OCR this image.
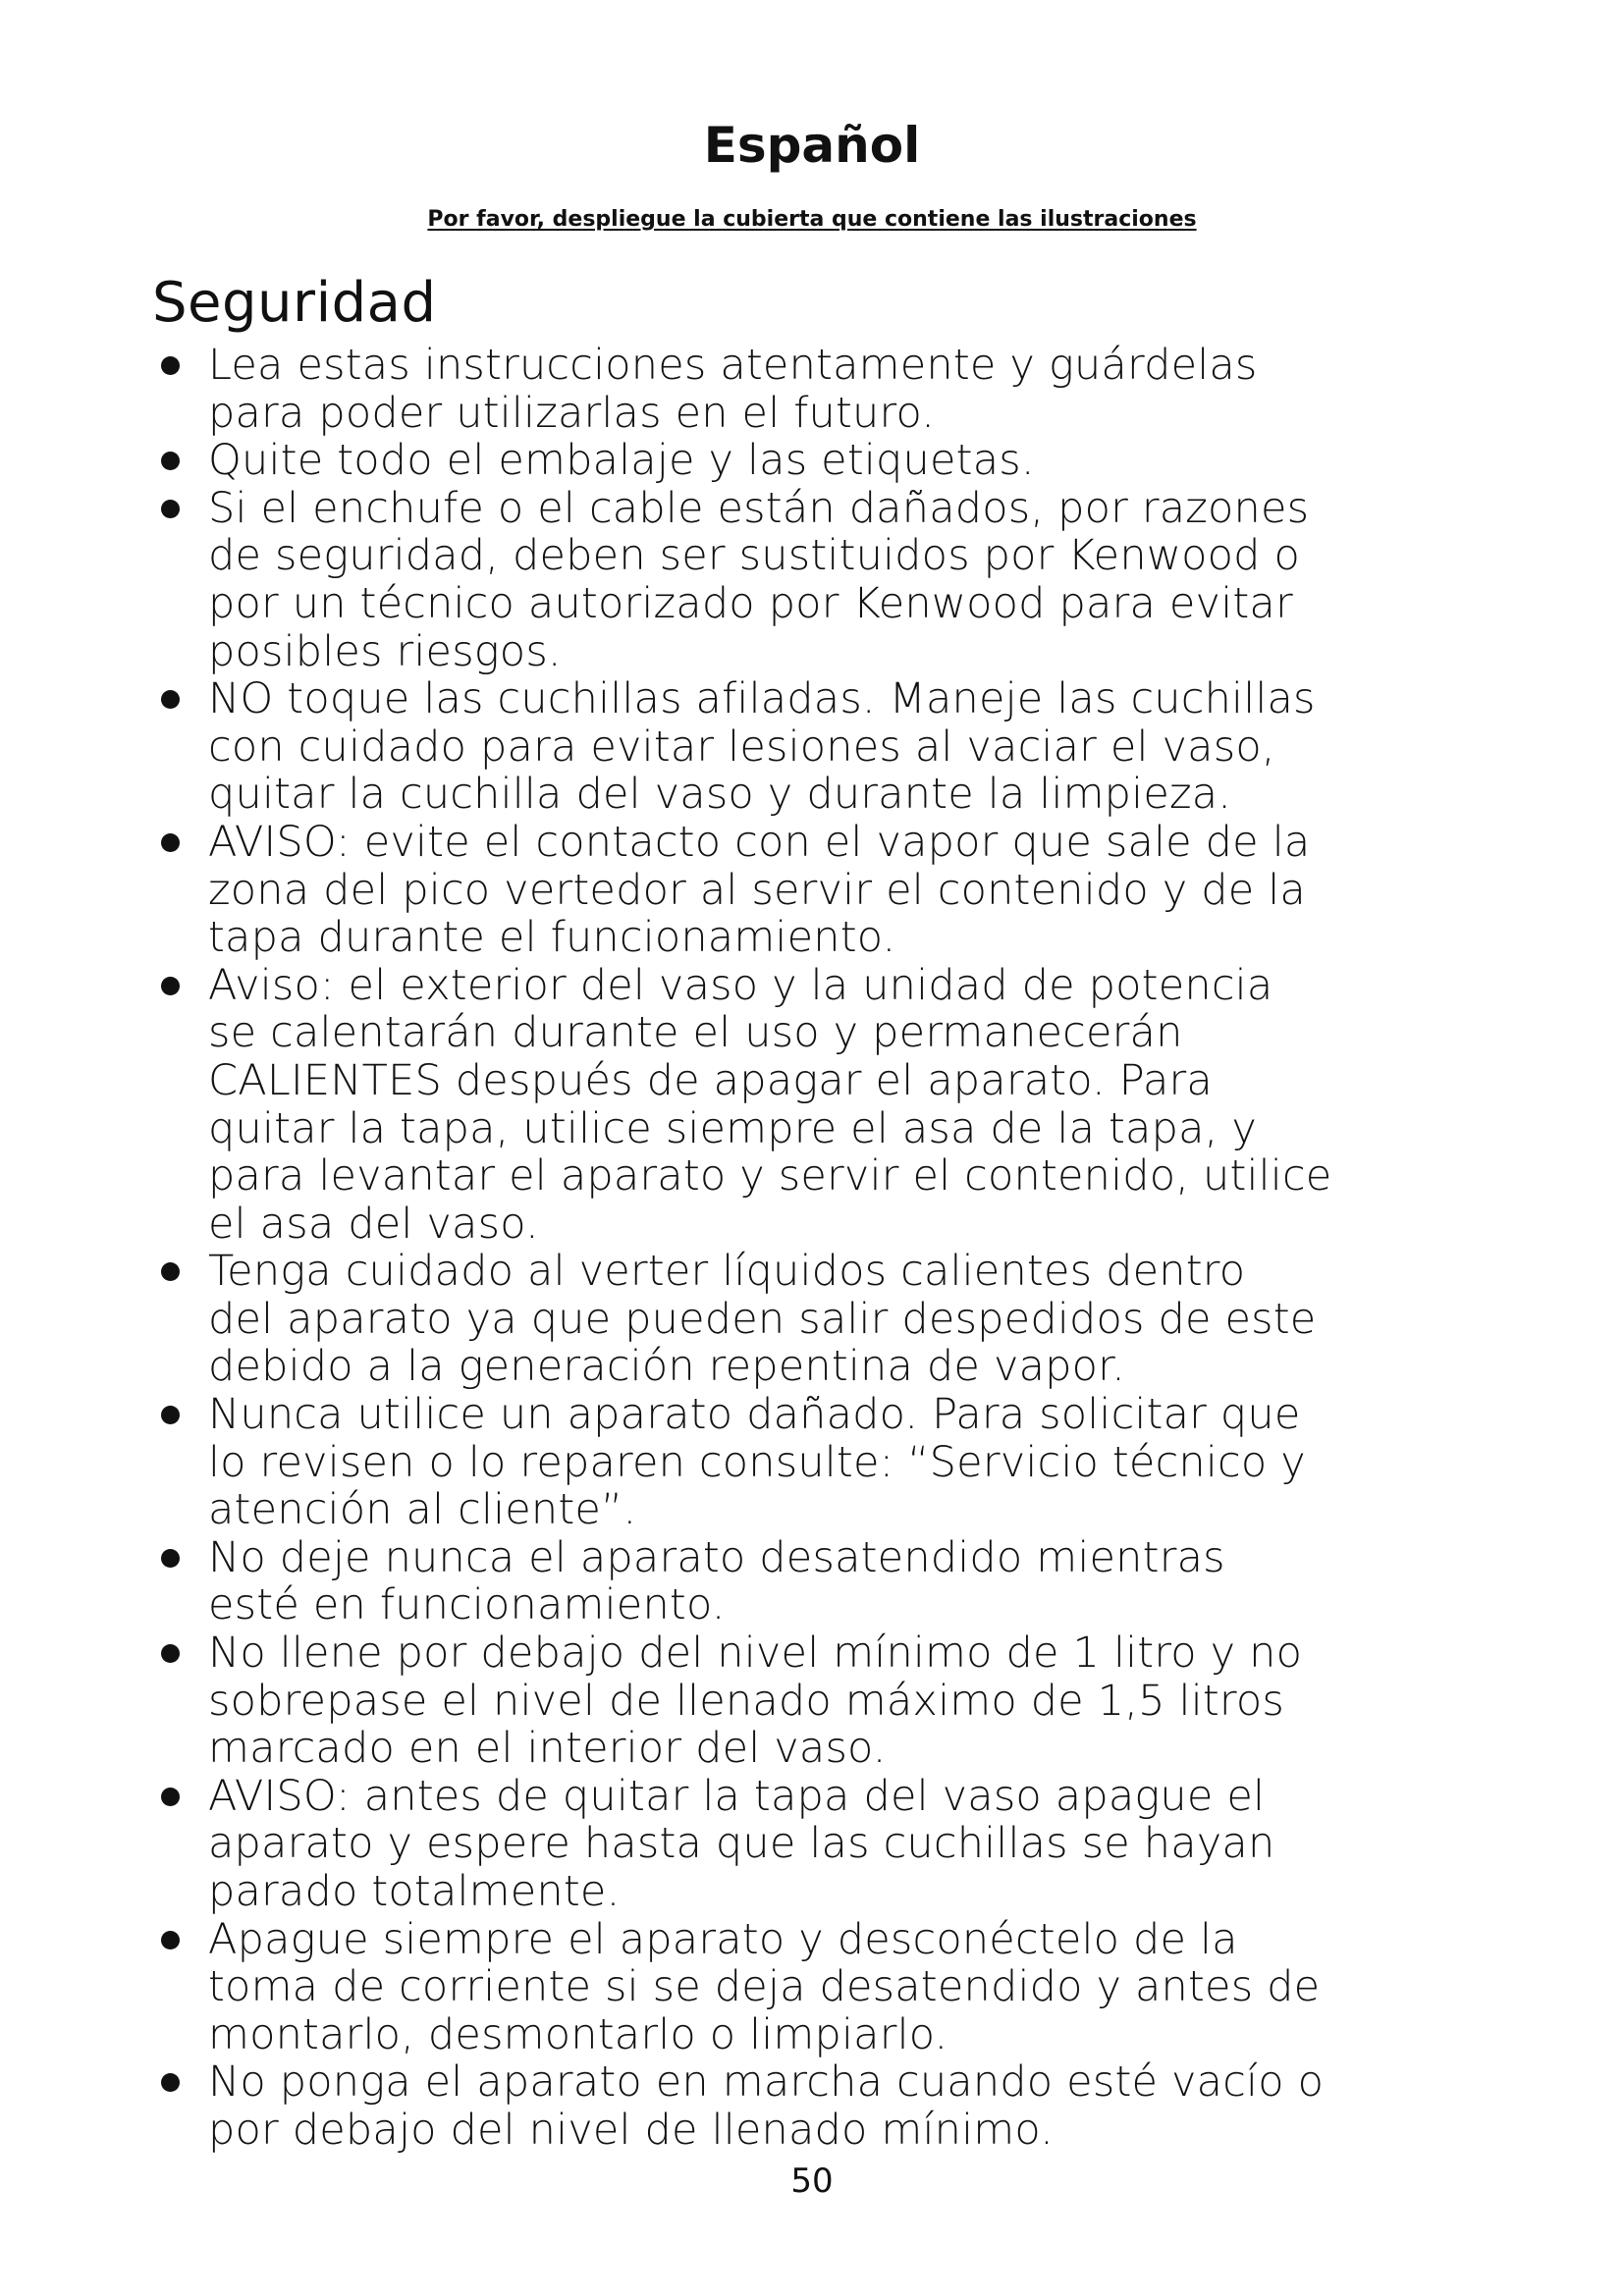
Español
Por favor, despliegue la cubierta que contiene las ilustraciones
Seguridad
Lea estas instrucciones atentamente y guárdelas
para poder utilizarlas en el futuro.
Quite todo el embalaje y las etiquetas.
Si el enchufe o el cable están dañados, por razones
de seguridad, deben ser sustituidos por Kenwood o
por un técnico autorizado por Kenwood para evitar
posibles riesgos.
NO toque las cuchillas afiladas. Maneje las cuchillas
con cuidado para evitar lesiones al vaciar el vaso,
quitar la cuchilla del vaso y durante la limpieza.
AVISO: evite el contacto con el vapor que sale de la
zona del pico vertedor al servir el contenido y de la
tapa durante el funcionamiento.
Aviso: el exterior del vaso y la unidad de potencia
se calentarán durante el uso y permanecerán
CALIENTES después de apagar el aparato. Para
quitar la tapa, utilice siempre el asa de la tapa, y
para levantar el aparato y servir el contenido, utilice
el asa del vaso.
Tenga cuidado al verter líquidos calientes dentro
del aparato ya que pueden salir despedidos de este
debido a la generación repentina de vapor.
Nunca utilice un aparato dañado. Para solicitar que
lo revisen o lo reparen consulte: “Servicio técnico y
atención al cliente”.
No deje nunca el aparato desatendido mientras
esté en funcionamiento.
No llene por debajo del nivel mínimo de 1 litro y no
sobrepase el nivel de llenado máximo de 1,5 litros
marcado en el interior del vaso.
AVISO: antes de quitar la tapa del vaso apague el
aparato y espere hasta que las cuchillas se hayan
parado totalmente.
Apague siempre el aparato y desconéctelo de la
toma de corriente si se deja desatendido y antes de
montarlo, desmontarlo o limpiarlo.
No ponga el aparato en marcha cuando esté vacío o
por debajo del nivel de llenado mínimo.
50
